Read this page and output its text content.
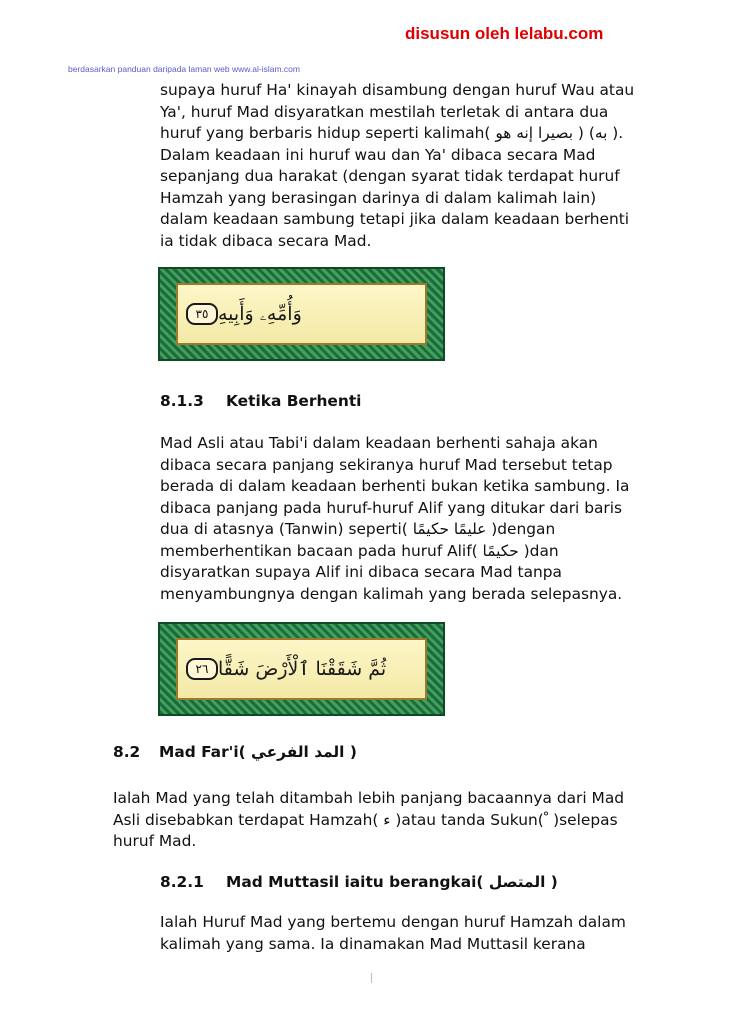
disusun oleh lelabu.com
berdasarkan panduan daripada laman web www.al-islam.com

supaya huruf Ha' kinayah disambung dengan huruf Wau atau

Ya', huruf Mad disyaratkan mestilah terletak di antara dua

huruf yang berbaris hidup seperti kalimah( بصيرا إنه هو ) (به ).

Dalam keadaan ini huruf wau dan Ya' dibaca secara Mad

sepanjang dua harakat (dengan syarat tidak terdapat huruf

Hamzah yang berasingan darinya di dalam kalimah lain)

dalam keadaan sambung tetapi jika dalam keadaan berhenti

ia tidak dibaca secara Mad.

وَأُمِّهِۦ وَأَبِيهِ
٣٥
8.1.3 Ketika Berhenti

Mad Asli atau Tabi'i dalam keadaan berhenti sahaja akan

dibaca secara panjang sekiranya huruf Mad tersebut tetap

berada di dalam keadaan berhenti bukan ketika sambung. Ia

dibaca panjang pada huruf-huruf Alif yang ditukar dari baris

dua di atasnya (Tanwin) seperti( عليمًا حكيمًا )dengan

memberhentikan bacaan pada huruf Alif( حكيمًا )dan

disyaratkan supaya Alif ini dibaca secara Mad tanpa

menyambungnya dengan kalimah yang berada selepasnya.

ثُمَّ شَقَقْنَا ٱلْأَرْضَ شَقًّا
٢٦
8.2 Mad Far'i( المد الفرعي )

Ialah Mad yang telah ditambah lebih panjang bacaannya dari Mad

Asli disebabkan terdapat Hamzah( ء )atau tanda Sukun( ْ )selepas

huruf Mad.

8.2.1 Mad Muttasil iaitu berangkai( المتصل )

Ialah Huruf Mad yang bertemu dengan huruf Hamzah dalam

kalimah yang sama. Ia dinamakan Mad Muttasil kerana
